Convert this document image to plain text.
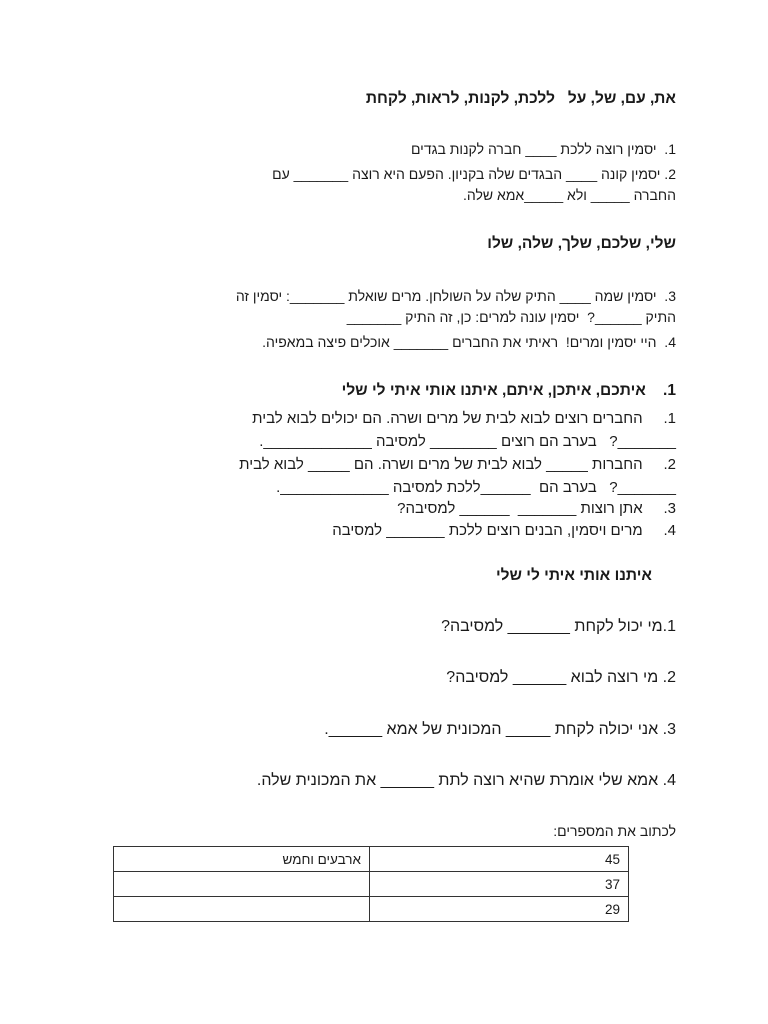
את, עם, של, על   ללכת, לקנות, לראות, לקחת
1.  יסמין רוצה ללכת ____ חברה לקנות בגדים
2. יסמין קונה ____ הבגדים שלה בקניון. הפעם היא רוצה _______ עם
החברה _____ ולא _____אמא שלה.
שלי, שלכם, שלך, שלה, שלו
3.  יסמין שמה ____ התיק שלה על השולחן. מרים שואלת _______: יסמין זה
התיק ______?  יסמין עונה למרים: כן, זה התיק _______
4.  היי יסמין ומרים!  ראיתי את החברים _______ אוכלים פיצה במאפיה.
1.    איתכם, איתכן, איתם, איתנו אותי איתי לי שלי
1.     החברים רוצים לבוא לבית של מרים ושרה. הם יכולים לבוא לבית
_______?   בערב הם רוצים ________ למסיבה _____________.
2.     החברות _____ לבוא לבית של מרים ושרה. הם _____ לבוא לבית
_______?   בערב הם  ______ללכת למסיבה _____________.
3.     אתן רוצות _______  ______ למסיבה?
4.     מרים ויסמין, הבנים רוצים ללכת _______ למסיבה
איתנו אותי איתי לי שלי
1.מי יכול לקחת _______ למסיבה?
2. מי רוצה לבוא ______ למסיבה?
3. אני יכולה לקחת _____ המכונית של אמא ______.
4. אמא שלי אומרת שהיא רוצה לתת ______ את המכונית שלה.
לכתוב את המספרים:
45	ארבעים וחמש
37	
29	
